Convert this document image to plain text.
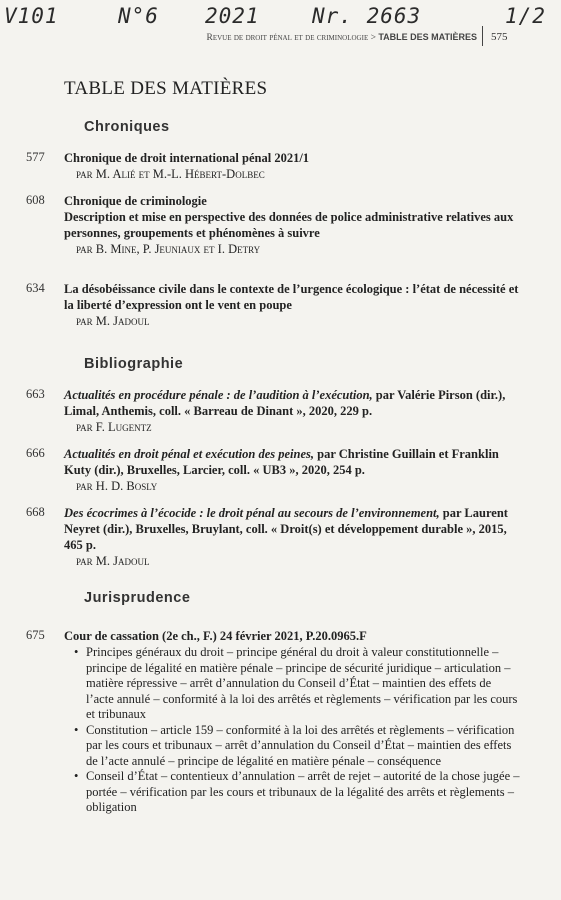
V101	N°6 2021 Nr. 2663	1/2
Revue de droit pénal et de criminologie > TABLE DES MATIÈRES 575
TABLE DES MATIÈRES
Chroniques
577 Chronique de droit international pénal 2021/1
par M. Alié et M.-L. Hébert-Dolbec
608 Chronique de criminologie
Description et mise en perspective des données de police administrative relatives aux personnes, groupements et phénomènes à suivre
par B. Mine, P. Jeuniaux et I. Detry
634 La désobéissance civile dans le contexte de l’urgence écologique : l’état de nécessité et la liberté d’expression ont le vent en poupe
par M. Jadoul
Bibliographie
663 Actualités en procédure pénale : de l’audition à l’exécution, par Valérie Pirson (dir.), Limal, Anthemis, coll. « Barreau de Dinant », 2020, 229 p.
par F. Lugentz
666 Actualités en droit pénal et exécution des peines, par Christine Guillain et Franklin Kuty (dir.), Bruxelles, Larcier, coll. « UB3 », 2020, 254 p.
par H. D. Bosly
668 Des écocrimes à l’écocide : le droit pénal au secours de l’environnement, par Laurent Neyret (dir.), Bruxelles, Bruylant, coll. « Droit(s) et développement durable », 2015, 465 p.
par M. Jadoul
Jurisprudence
675 Cour de cassation (2e ch., F.) 24 février 2021, P.20.0965.F
• Principes généraux du droit – principe général du droit à valeur constitutionnelle – principe de légalité en matière pénale – principe de sécurité juridique – articulation – matière répressive – arrêt d’annulation du Conseil d’État – maintien des effets de l’acte annulé – conformité à la loi des arrêtés et règlements – vérification par les cours et tribunaux
• Constitution – article 159 – conformité à la loi des arrêtés et règlements – vérification par les cours et tribunaux – arrêt d’annulation du Conseil d’État – maintien des effets de l’acte annulé – principe de légalité en matière pénale – conséquence
• Conseil d’État – contentieux d’annulation – arrêt de rejet – autorité de la chose jugée – portée – vérification par les cours et tribunaux de la légalité des arrêts et règlements – obligation
